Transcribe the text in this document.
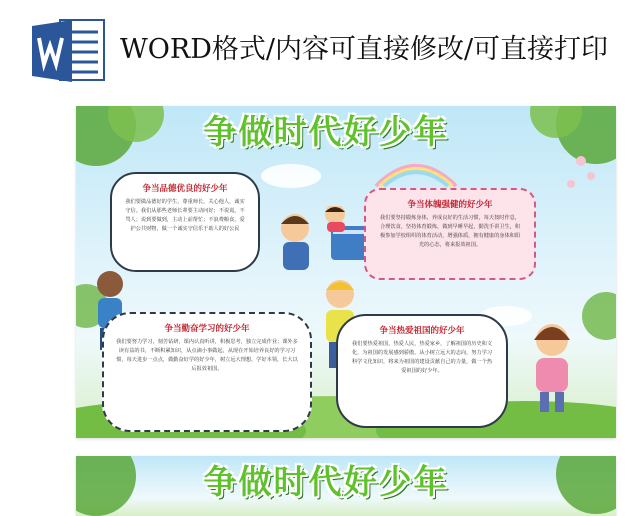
WORD格式/内容可直接修改/可直接打印
争做时代好少年
争当品德优良的好少年
我们要做品德好的学生，尊重师长，关心他人，诚实守信。我们从那些老师长辈要主动问好；不说谎，不骂人；说到要做到，主动上前帮忙；不浪费粮食，爱护公共财物，做一个诚实守信乐于助人的好公民
争当体魄强健的好少年
我们要坚持锻炼身体，养成良好的生活习惯，每天按时作息，合理饮食，坚持体育锻炼，做到早睡早起，勤洗手讲卫生，积极参加学校组织的体育活动，增强体质，拥有健康的身体和阳光的心态，将来报效祖国。
争当勤奋学习的好少年
我们要努力学习，刻苦钻研，课内认真听讲，积极思考，独立完成作业；课外多读有益的书，不断积累知识，从点滴小事做起，从现在开始培养良好的学习习惯，每天进步一点点，做勤奋好学的好少年，树立远大理想，学好本领，长大以后报效祖国。
争当热爱祖国的好少年
我们要热爱祖国，热爱人民，热爱家乡，了解祖国的历史和文化，为祖国的发展感到骄傲，从小树立远大的志向，努力学习科学文化知识，将来为祖国的建设贡献自己的力量，做一个热爱祖国的好少年。
争做时代好少年
